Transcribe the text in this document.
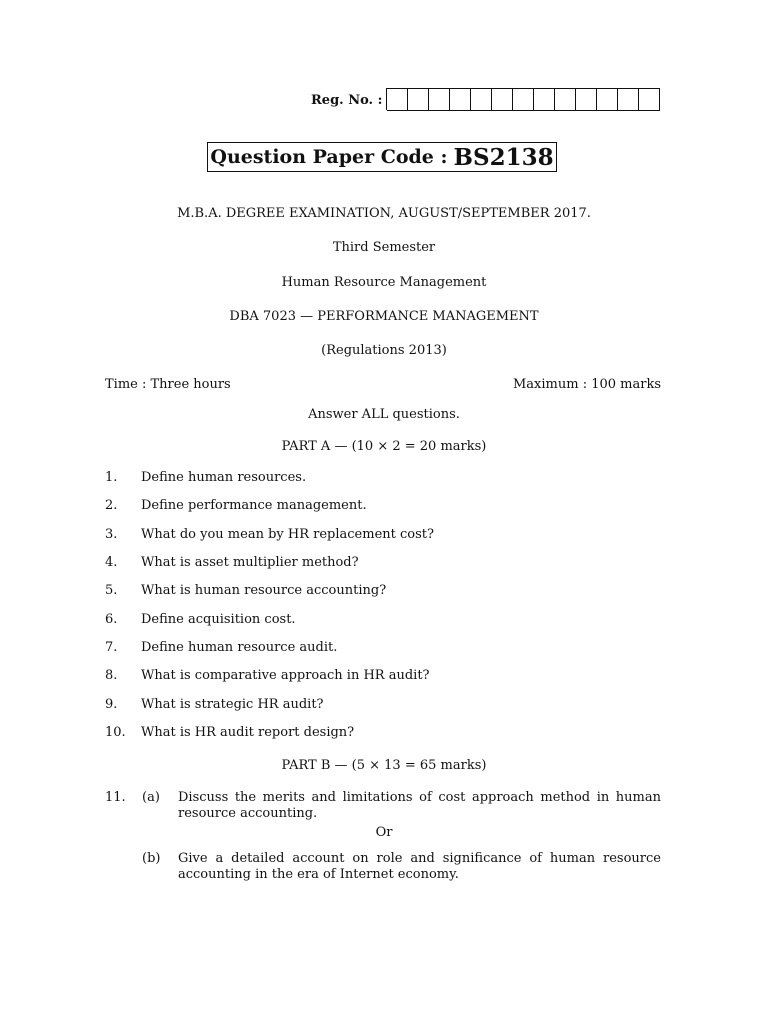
Reg. No. :
Question Paper Code : BS2138
M.B.A. DEGREE EXAMINATION, AUGUST/SEPTEMBER 2017.
Third Semester
Human Resource Management
DBA 7023 — PERFORMANCE MANAGEMENT
(Regulations 2013)
Time : Three hours	Maximum : 100 marks
Answer ALL questions.
PART A — (10 × 2 = 20 marks)
1. Define human resources.
2. Define performance management.
3. What do you mean by HR replacement cost?
4. What is asset multiplier method?
5. What is human resource accounting?
6. Define acquisition cost.
7. Define human resource audit.
8. What is comparative approach in HR audit?
9. What is strategic HR audit?
10. What is HR audit report design?
PART B — (5 × 13 = 65 marks)
11. (a) Discuss the merits and limitations of cost approach method in human resource accounting.
Or
(b) Give a detailed account on role and significance of human resource accounting in the era of Internet economy.
